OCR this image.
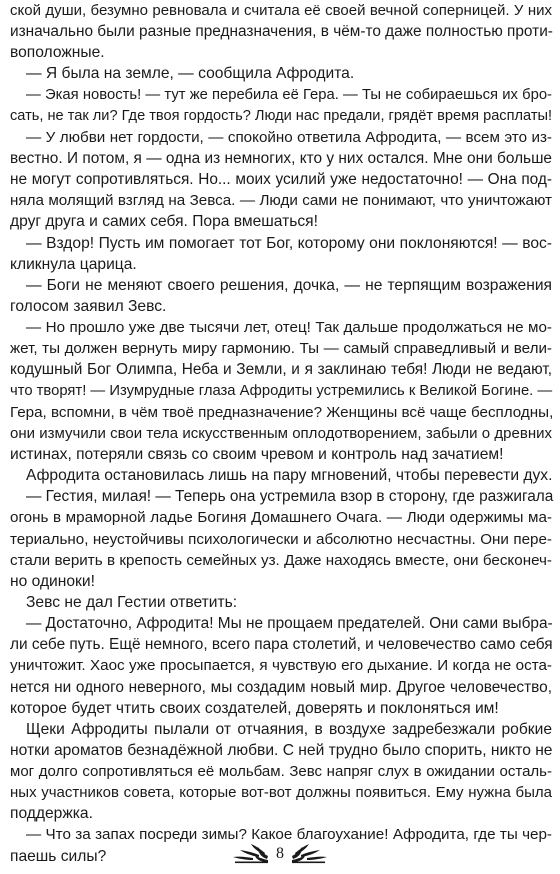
ской души, безумно ревновала и считала её своей вечной соперницей. У них
изначально были разные предназначения, в чём-то даже полностью проти-
воположные.
— Я была на земле, — сообщила Афродита.
— Экая новость! — тут же перебила её Гера. — Ты не собираешься их бро-
сать, не так ли? Где твоя гордость? Люди нас предали, грядёт время расплаты!
— У любви нет гордости, — спокойно ответила Афродита, — всем это из-
вестно. И потом, я — одна из немногих, кто у них остался. Мне они больше
не могут сопротивляться. Но... моих усилий уже недостаточно! — Она под-
няла молящий взгляд на Зевса. — Люди сами не понимают, что уничтожают
друг друга и самих себя. Пора вмешаться!
— Вздор! Пусть им помогает тот Бог, которому они поклоняются! — вос-
кликнула царица.
— Боги не меняют своего решения, дочка, — не терпящим возражения
голосом заявил Зевс.
— Но прошло уже две тысячи лет, отец! Так дальше продолжаться не мо-
жет, ты должен вернуть миру гармонию. Ты — самый справедливый и вели-
кодушный Бог Олимпа, Неба и Земли, и я заклинаю тебя! Люди не ведают,
что творят! — Изумрудные глаза Афродиты устремились к Великой Богине. —
Гера, вспомни, в чём твоё предназначение? Женщины всё чаще бесплодны,
они измучили свои тела искусственным оплодотворением, забыли о древних
истинах, потеряли связь со своим чревом и контроль над зачатием!
Афродита остановилась лишь на пару мгновений, чтобы перевести дух.
— Гестия, милая! — Теперь она устремила взор в сторону, где разжигала
огонь в мраморной ладье Богиня Домашнего Очага. — Люди одержимы ма-
териально, неустойчивы психологически и абсолютно несчастны. Они пере-
стали верить в крепость семейных уз. Даже находясь вместе, они бесконеч-
но одиноки!
Зевс не дал Гестии ответить:
— Достаточно, Афродита! Мы не прощаем предателей. Они сами выбра-
ли себе путь. Ещё немного, всего пара столетий, и человечество само себя
уничтожит. Хаос уже просыпается, я чувствую его дыхание. И когда не оста-
нется ни одного неверного, мы создадим новый мир. Другое человечество,
которое будет чтить своих создателей, доверять и поклоняться им!
Щеки Афродиты пылали от отчаяния, в воздухе задребезжали робкие
нотки ароматов безнадёжной любви. С ней трудно было спорить, никто не
мог долго сопротивляться её мольбам. Зевс напряг слух в ожидании осталь-
ных участников совета, которые вот-вот должны появиться. Ему нужна была
поддержка.
— Что за запах посреди зимы? Какое благоухание! Афродита, где ты чер-
паешь силы?	8
